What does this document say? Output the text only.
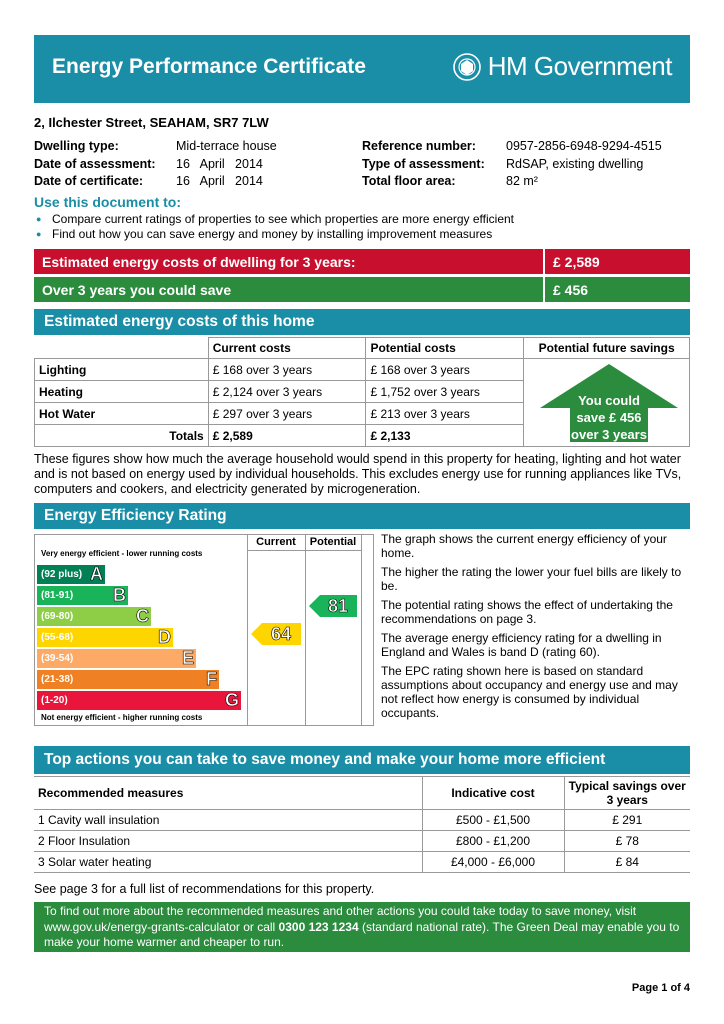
Energy Performance Certificate	HM Government
2, Ilchester Street, SEAHAM, SR7 7LW
Dwelling type:	Mid-terrace house
Date of assessment:	16   April   2014
Date of certificate:	16   April   2014
Reference number:	0957-2856-6948-9294-4515
Type of assessment:	RdSAP, existing dwelling
Total floor area:	82 m²
Use this document to:
● Compare current ratings of properties to see which properties are more energy efficient
● Find out how you can save energy and money by installing improvement measures
Estimated energy costs of dwelling for 3 years:	£ 2,589
Over 3 years you could save	£ 456
Estimated energy costs of this home
	Current costs	Potential costs	Potential future savings
Lighting	£ 168 over 3 years	£ 168 over 3 years	
Heating	£ 2,124 over 3 years	£ 1,752 over 3 years	
Hot Water	£ 297 over 3 years	£ 213 over 3 years	
Totals	£ 2,589	£ 2,133	
You could
save £ 456
over 3 years
These figures show how much the average household would spend in this property for heating, lighting and hot water and is not based on energy used by individual households. This excludes energy use for running appliances like TVs, computers and cookers, and electricity generated by microgeneration.
Energy Efficiency Rating
Current	Potential
Very energy efficient - lower running costs
(92 plus) A
(81-91) B
(69-80)	C
(55-68)	D
(39-54)	E
(21-38)	F
(1-20)	G
Not energy efficient - higher running costs
64
81

The graph shows the current energy efficiency of your home.

The higher the rating the lower your fuel bills are likely to be.

The potential rating shows the effect of undertaking the recommendations on page 3.

The average energy efficiency rating for a dwelling in England and Wales is band D (rating 60).

The EPC rating shown here is based on standard assumptions about occupancy and energy use and may not reflect how energy is consumed by individual occupants.

Top actions you can take to save money and make your home more efficient
Recommended measures	Indicative cost	Typical savings over 3 years
1 Cavity wall insulation	£500 - £1,500	£ 291
2 Floor Insulation	£800 - £1,200	£ 78
3 Solar water heating	£4,000 - £6,000	£ 84
See page 3 for a full list of recommendations for this property.
To find out more about the recommended measures and other actions you could take today to save money, visit www.gov.uk/energy-grants-calculator or call 0300 123 1234 (standard national rate). The Green Deal may enable you to make your home warmer and cheaper to run.
Page 1 of 4
